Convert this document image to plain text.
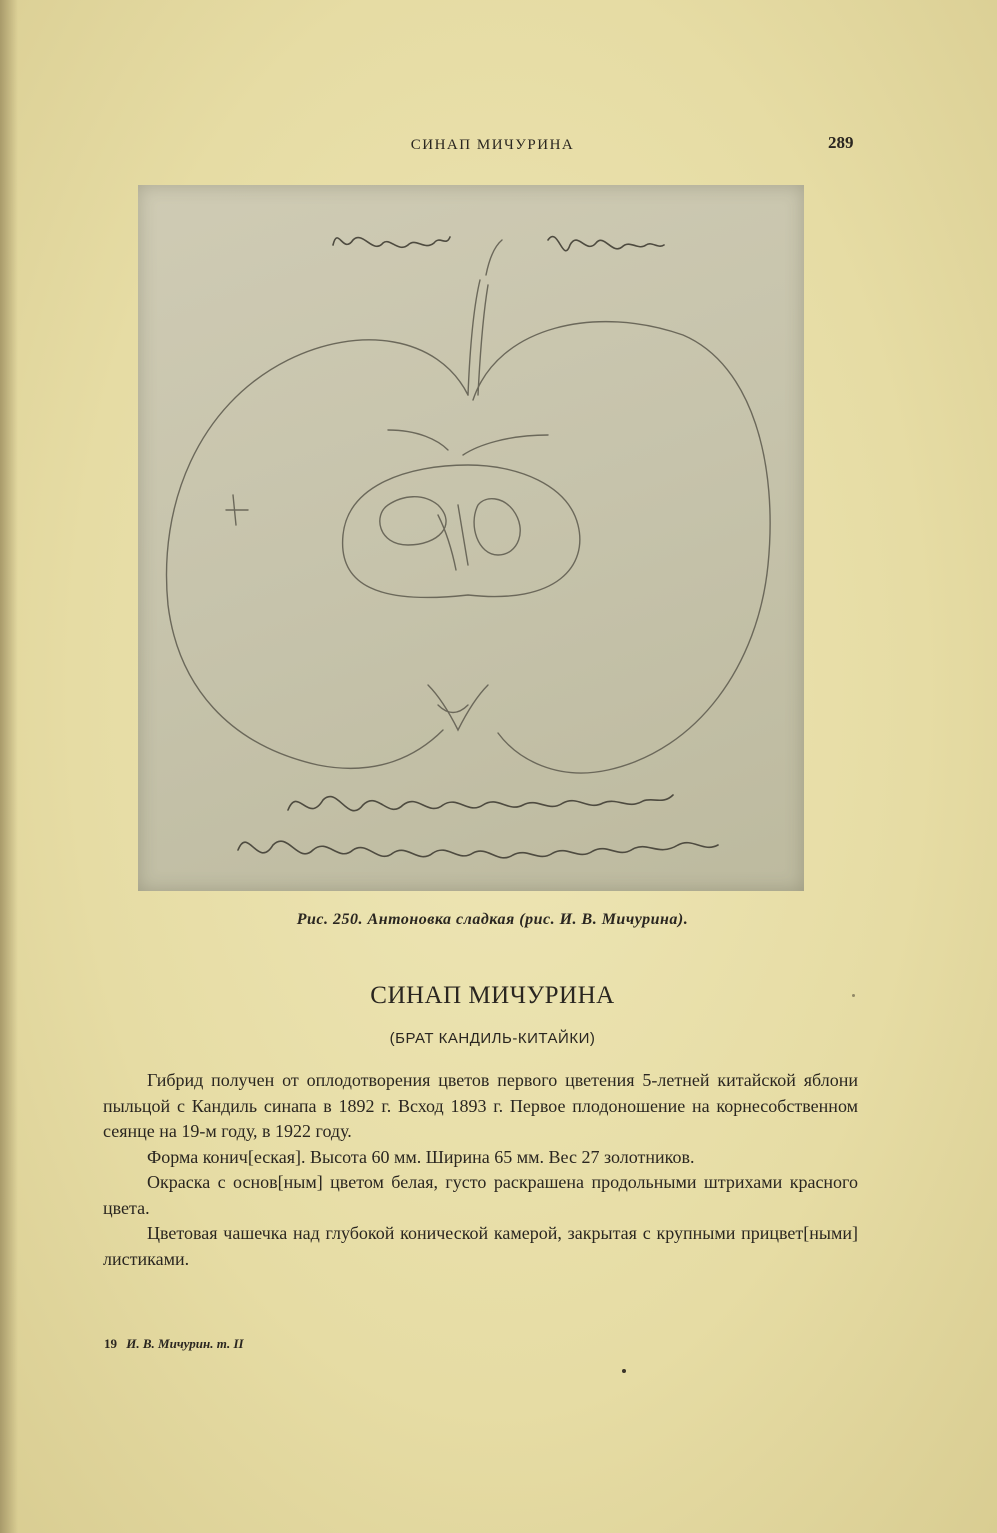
СИНАП МИЧУРИНА	289
Рис. 250. Антоновка сладкая (рис. И. В. Мичурина).
СИНАП МИЧУРИНА
(БРАТ КАНДИЛЬ-КИТАЙКИ)

Гибрид получен от оплодотворения цветов первого цветения 5-летней китайской яблони пыльцой с Кандиль синапа в 1892 г. Всход 1893 г. Первое плодоношение на корнесобственном сеянце на 19-м году, в 1922 году.

Форма конич[еская]. Высота 60 мм. Ширина 65 мм. Вес 27 золотников.

Окраска с основ[ным] цветом белая, густо раскрашена продольными штрихами красного цвета.

Цветовая чашечка над глубокой конической камерой, закрытая с крупными прицвет[ными] листиками.

19 И. В. Мичурин. т. II
